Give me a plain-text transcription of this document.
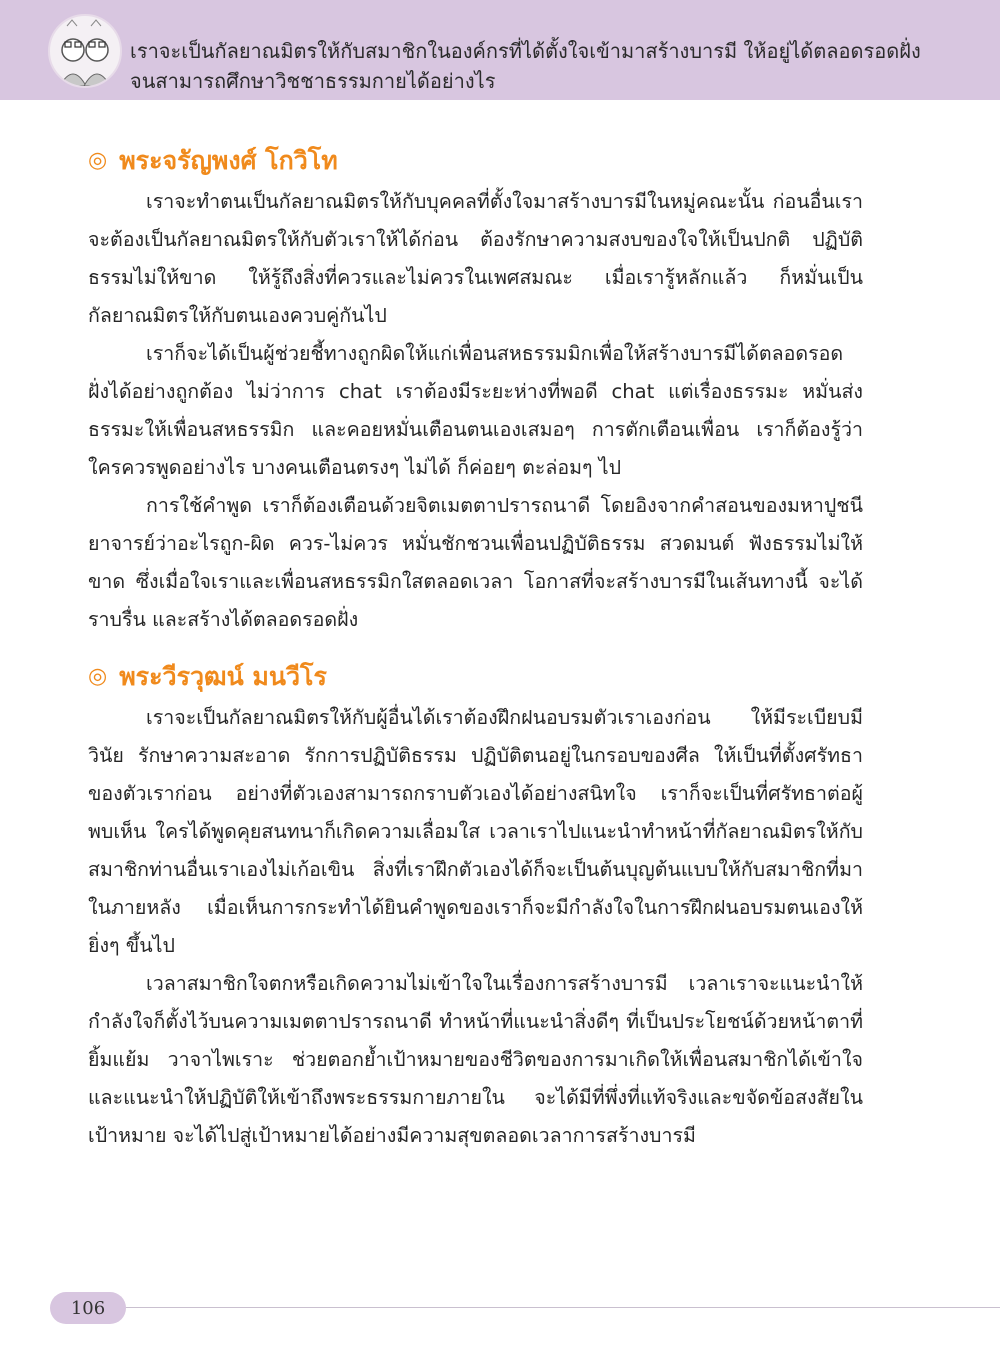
เราจะเป็นกัลยาณมิตรให้กับสมาชิกในองค์กรที่ได้ตั้งใจเข้ามาสร้างบารมี ให้อยู่ได้ตลอดรอดฝั่ง
จนสามารถศึกษาวิชชาธรรมกายได้อย่างไร
◎ พระจรัญพงศ์ โกวิโท

เราจะทำตนเป็นกัลยาณมิตรให้กับบุคคลที่ตั้งใจมาสร้างบารมีในหมู่คณะนั้น ก่อนอื่นเราจะต้องเป็นกัลยาณมิตรให้กับตัวเราให้ได้ก่อน ต้องรักษาความสงบของใจให้เป็นปกติ ปฏิบัติธรรมไม่ให้ขาด ให้รู้ถึงสิ่งที่ควรและไม่ควรในเพศสมณะ เมื่อเรารู้หลักแล้ว ก็หมั่นเป็นกัลยาณมิตรให้กับตนเองควบคู่กันไป

เราก็จะได้เป็นผู้ช่วยชี้ทางถูกผิดให้แก่เพื่อนสหธรรมมิกเพื่อให้สร้างบารมีได้ตลอดรอดฝั่งได้อย่างถูกต้อง ไม่ว่าการ chat เราต้องมีระยะห่างที่พอดี chat แต่เรื่องธรรมะ หมั่นส่งธรรมะให้เพื่อนสหธรรมิก และคอยหมั่นเตือนตนเองเสมอๆ การตักเตือนเพื่อน เราก็ต้องรู้ว่าใครควรพูดอย่างไร บางคนเตือนตรงๆ ไม่ได้ ก็ค่อยๆ ตะล่อมๆ ไป

การใช้คำพูด เราก็ต้องเตือนด้วยจิตเมตตาปรารถนาดี โดยอิงจากคำสอนของมหาปูชนียาจารย์ว่าอะไรถูก-ผิด ควร-ไม่ควร หมั่นชักชวนเพื่อนปฏิบัติธรรม สวดมนต์ ฟังธรรมไม่ให้ขาด ซึ่งเมื่อใจเราและเพื่อนสหธรรมิกใสตลอดเวลา โอกาสที่จะสร้างบารมีในเส้นทางนี้ จะได้ราบรื่น และสร้างได้ตลอดรอดฝั่ง

◎ พระวีรวุฒน์ มนวีโร

เราจะเป็นกัลยาณมิตรให้กับผู้อื่นได้เราต้องฝึกฝนอบรมตัวเราเองก่อน ให้มีระเบียบมีวินัย รักษาความสะอาด รักการปฏิบัติธรรม ปฏิบัติตนอยู่ในกรอบของศีล ให้เป็นที่ตั้งศรัทธาของตัวเราก่อน อย่างที่ตัวเองสามารถกราบตัวเองได้อย่างสนิทใจ เราก็จะเป็นที่ศรัทธาต่อผู้พบเห็น ใครได้พูดคุยสนทนาก็เกิดความเลื่อมใส เวลาเราไปแนะนำทำหน้าที่กัลยาณมิตรให้กับสมาชิกท่านอื่นเราเองไม่เก้อเขิน สิ่งที่เราฝึกตัวเองได้ก็จะเป็นต้นบุญต้นแบบให้กับสมาชิกที่มาในภายหลัง เมื่อเห็นการกระทำได้ยินคำพูดของเราก็จะมีกำลังใจในการฝึกฝนอบรมตนเองให้ยิ่งๆ ขึ้นไป

เวลาสมาชิกใจตกหรือเกิดความไม่เข้าใจในเรื่องการสร้างบารมี เวลาเราจะแนะนำให้กำลังใจก็ตั้งไว้บนความเมตตาปรารถนาดี ทำหน้าที่แนะนำสิ่งดีๆ ที่เป็นประโยชน์ด้วยหน้าตาที่ยิ้มแย้ม วาจาไพเราะ ช่วยตอกย้ำเป้าหมายของชีวิตของการมาเกิดให้เพื่อนสมาชิกได้เข้าใจและแนะนำให้ปฏิบัติให้เข้าถึงพระธรรมกายภายใน จะได้มีที่พึ่งที่แท้จริงและขจัดข้อสงสัยในเป้าหมาย จะได้ไปสู่เป้าหมายได้อย่างมีความสุขตลอดเวลาการสร้างบารมี

106
